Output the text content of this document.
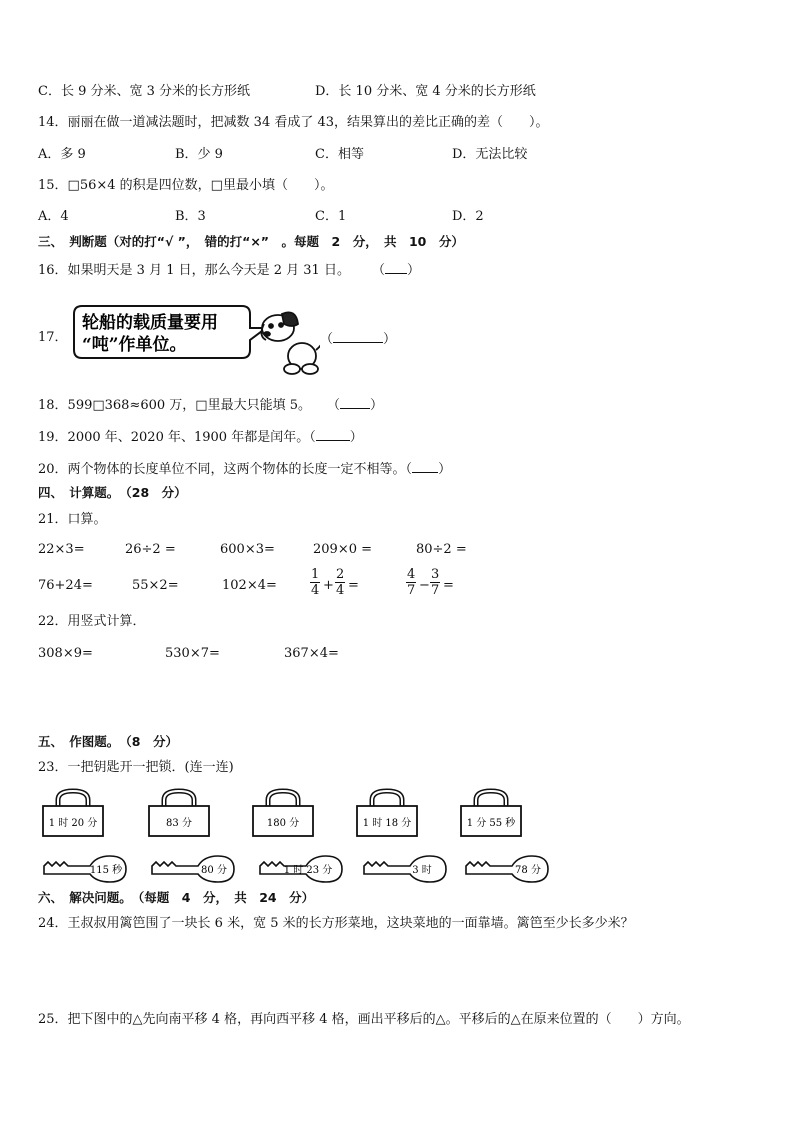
C．长 9 分米、宽 3 分米的长方形纸	D．长 10 分米、宽 4 分米的长方形纸
14．丽丽在做一道减法题时，把减数 34 看成了 43，结果算出的差比正确的差（　　）。
A．多 9	B．少 9	C．相等	D．无法比较
15．□56×4 的积是四位数，□里最小填（　　）。
A．4	B．3	C．1	D．2
三、　判断题（对的打“√ ”，　错的打“×”　。每题　2　分，　共　10　分）
16．如果明天是 3 月 1 日，那么今天是 2 月 31 日。 （ ）
17．
轮船的载质量要用
“吨”作单位。	（	）
18．599□368≈600 万，□里最大只能填 5。 （ ）
19．2000 年、2020 年、1900 年都是闰年。（	）
20．两个物体的长度单位不同，这两个物体的长度一定不相等。（ ）
四、　计算题。　（28　分）
21．口算。
22×3=	26÷2 =	600×3=	209×0 =	80÷2 =
76+24=	55×2=	102×4=	$\frac{1}{4} + \frac{2}{4}$ =	$\frac{4}{7} - \frac{3}{7}$ =
22．用竖式计算．
308×9=	530×7=	367×4=
五、　作图题。　（8　分）
23．一把钥匙开一把锁．(连一连)
1 时 20 分	83 分	180 分	1 时 18 分	1 分 55 秒
115 秒	80 分	1 时 23 分	3 时	78 分
六、　解决问题。　（每题　4　分，　共　24　分）
24．王叔叔用篱笆围了一块长 6 米，宽 5 米的长方形菜地，这块菜地的一面靠墙。篱笆至少长多少米？
25．把下图中的△先向南平移 4 格，再向西平移 4 格，画出平移后的△。平移后的△在原来位置的（　　）方向。
